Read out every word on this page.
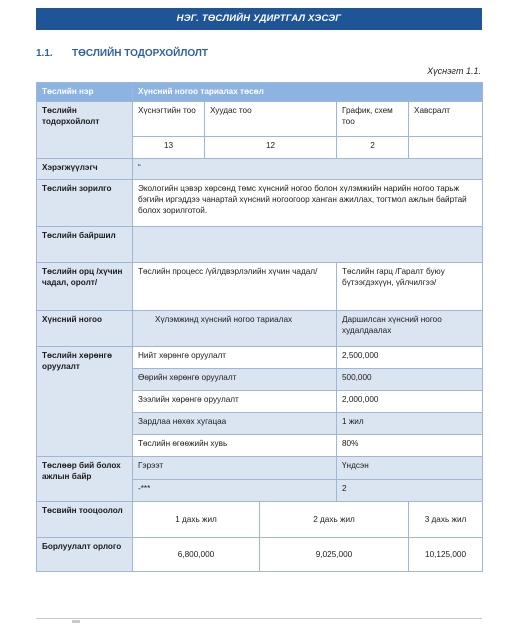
НЭГ. ТӨСЛИЙН УДИРТГАЛ ХЭСЭГ
1.1. ТӨСЛИЙН ТОДОРХОЙЛОЛТ
Хүснэгт 1.1.
Төслийн нэр	Хүнсний ногоо тариалах төсөл				
Төслийн тодорхойлолт	Хүснэгтийн тоо	Хуудас тоо		График, схем тоо	Хавсралт
	13	12		2	
Хэрэгжүүлэгч	“				
Төслийн зорилго	Экологийн цэвэр хөрсөнд төмс хүнсний ногоо болон хүлэмжийн нарийн ногоо тарьж бэгийн иргэддээ чанартай хүнсний ногоогоор ханган ажиллах, тогтмол ажлын байртай болох зорилготой.				
Төслийн байршил					
Төслийн орц /хүчин чадал, оролт/	Төслийн процесс /үйлдвэрлэлийн хүчин чадал/			Төслийн гарц /Гаралт буюу бүтээгдэхүүн, үйлчилгээ/	
Хүнсний ногоо	Хүлэмжинд хүнсний ногоо тариалах			Даршилсан хүнсний ногоо худалдаалах	
Төслийн хөрөнгө оруулалт	Нийт хөрөнгө оруулалт			2,500,000	
	Өөрийн хөрөнгө оруулалт			500,000	
	Зээлийн хөрөнгө оруулалт			2,000,000	
	Зардлаа нөхөх хугацаа			1 жил	
	Төслийн өгөөжийн хувь			80%	
Төслөөр бий болох ажлын байр	Гэрээт			Үндсэн	
	-***			2	
Төсвийн тооцоолол	1 дахь жил		2 дахь жил		3 дахь жил
Борлуулалт орлого	6,800,000		9,025,000		10,125,000
